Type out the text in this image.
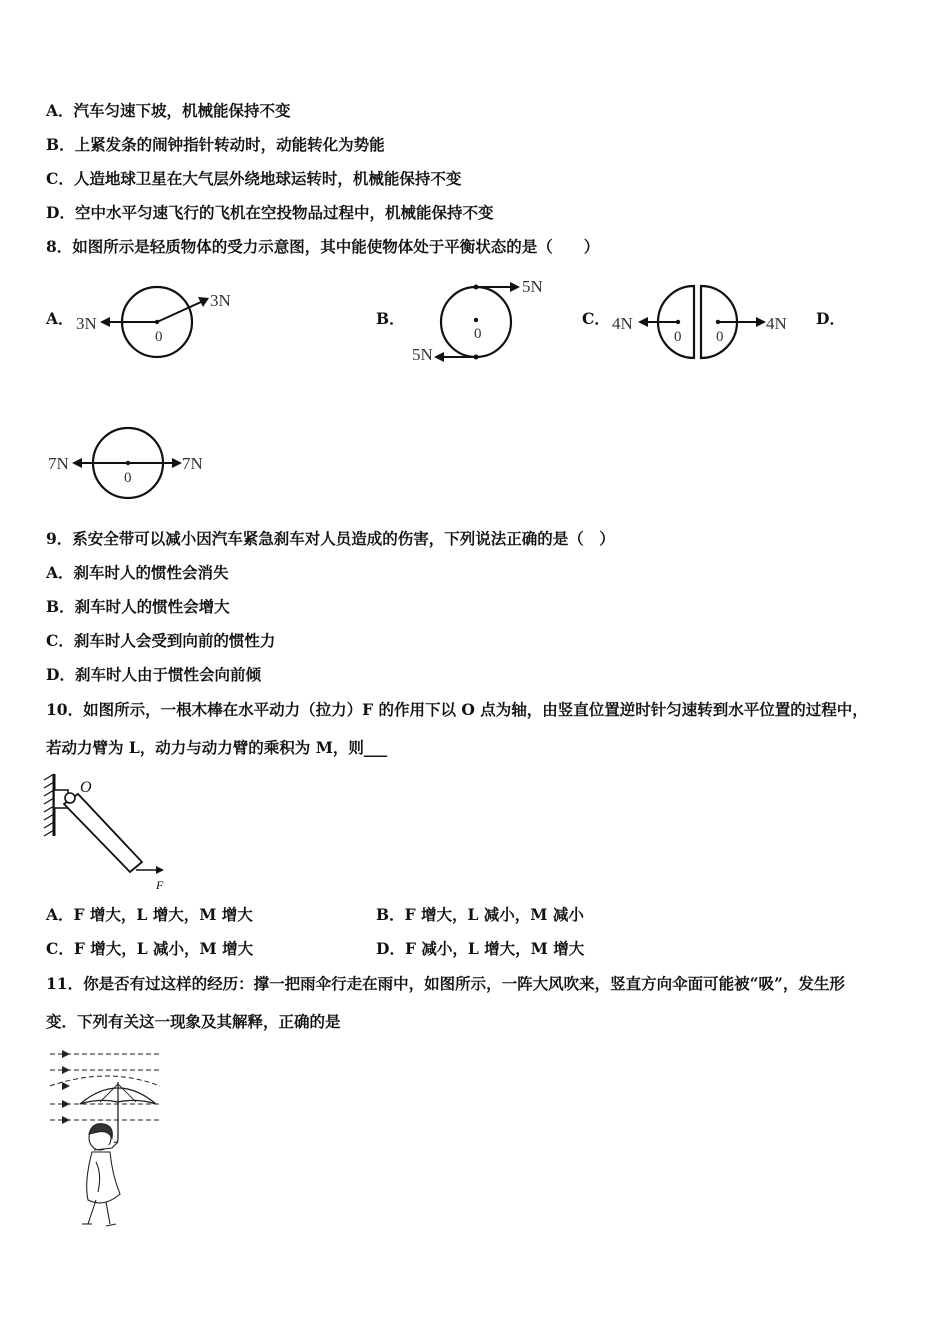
A．汽车匀速下坡，机械能保持不变
B．上紧发条的闹钟指针转动时，动能转化为势能
C．人造地球卫星在大气层外绕地球运转时，机械能保持不变
D．空中水平匀速飞行的飞机在空投物品过程中，机械能保持不变
8．如图所示是轻质物体的受力示意图，其中能使物体处于平衡状态的是（　　）
A． 3N
3N
0
B．
5N
5N
0
C． 4N	4N
0 0
D．
7N	7N
0
9．系安全带可以减小因汽车紧急刹车对人员造成的伤害，下列说法正确的是（　）
A．刹车时人的惯性会消失
B．刹车时人的惯性会增大
C．刹车时人会受到向前的惯性力
D．刹车时人由于惯性会向前倾
10．如图所示，一根木棒在水平动力（拉力）F 的作用下以 O 点为轴，由竖直位置逆时针匀速转到水平位置的过程中，
若动力臂为 L，动力与动力臂的乘积为 M，则___
O
F
A．F 增大，L 增大，M 增大	B．F 增大，L 减小，M 减小
C．F 增大，L 减小，M 增大	D．F 减小，L 增大，M 增大
11．你是否有过这样的经历：撑一把雨伞行走在雨中，如图所示，一阵大风吹来，竖直方向伞面可能被“吸”，发生形
变．下列有关这一现象及其解释，正确的是
